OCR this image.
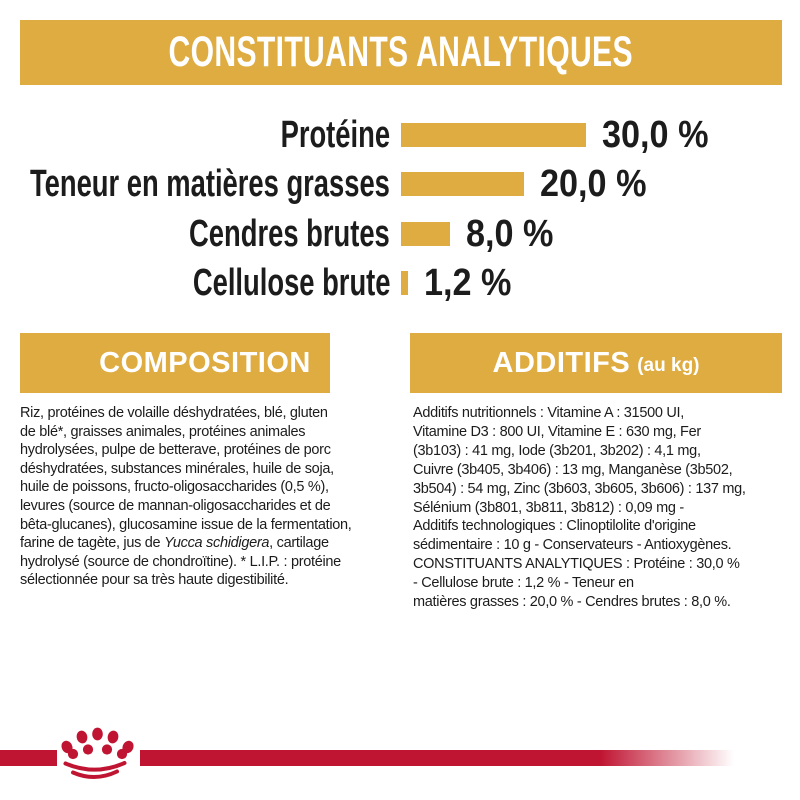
CONSTITUANTS ANALYTIQUES
Protéine	30,0 %
Teneur en matières grasses	20,0 %
Cendres brutes 8,0 %
Cellulose brute 1,2 %
COMPOSITION
Riz, protéines de volaille déshydratées, blé, gluten
de blé*, graisses animales, protéines animales
hydrolysées, pulpe de betterave, protéines de porc
déshydratées, substances minérales, huile de soja,
huile de poissons, fructo-oligosaccharides (0,5 %),
levures (source de mannan-oligosaccharides et de
bêta-glucanes), glucosamine issue de la fermentation,
farine de tagète, jus de Yucca schidigera, cartilage
hydrolysé (source de chondroïtine). * L.I.P. : protéine
sélectionnée pour sa très haute digestibilité.
ADDITIFS (au kg)
Additifs nutritionnels : Vitamine A : 31500 UI,
Vitamine D3 : 800 UI, Vitamine E : 630 mg, Fer
(3b103) : 41 mg, Iode (3b201, 3b202) : 4,1 mg,
Cuivre (3b405, 3b406) : 13 mg, Manganèse (3b502,
3b504) : 54 mg, Zinc (3b603, 3b605, 3b606) : 137 mg,
Sélénium (3b801, 3b811, 3b812) : 0,09 mg -
Additifs technologiques : Clinoptilolite d'origine
sédimentaire : 10 g - Conservateurs - Antioxygènes.
CONSTITUANTS ANALYTIQUES : Protéine : 30,0 %
- Cellulose brute : 1,2 % - Teneur en
matières grasses : 20,0 % - Cendres brutes : 8,0 %.
